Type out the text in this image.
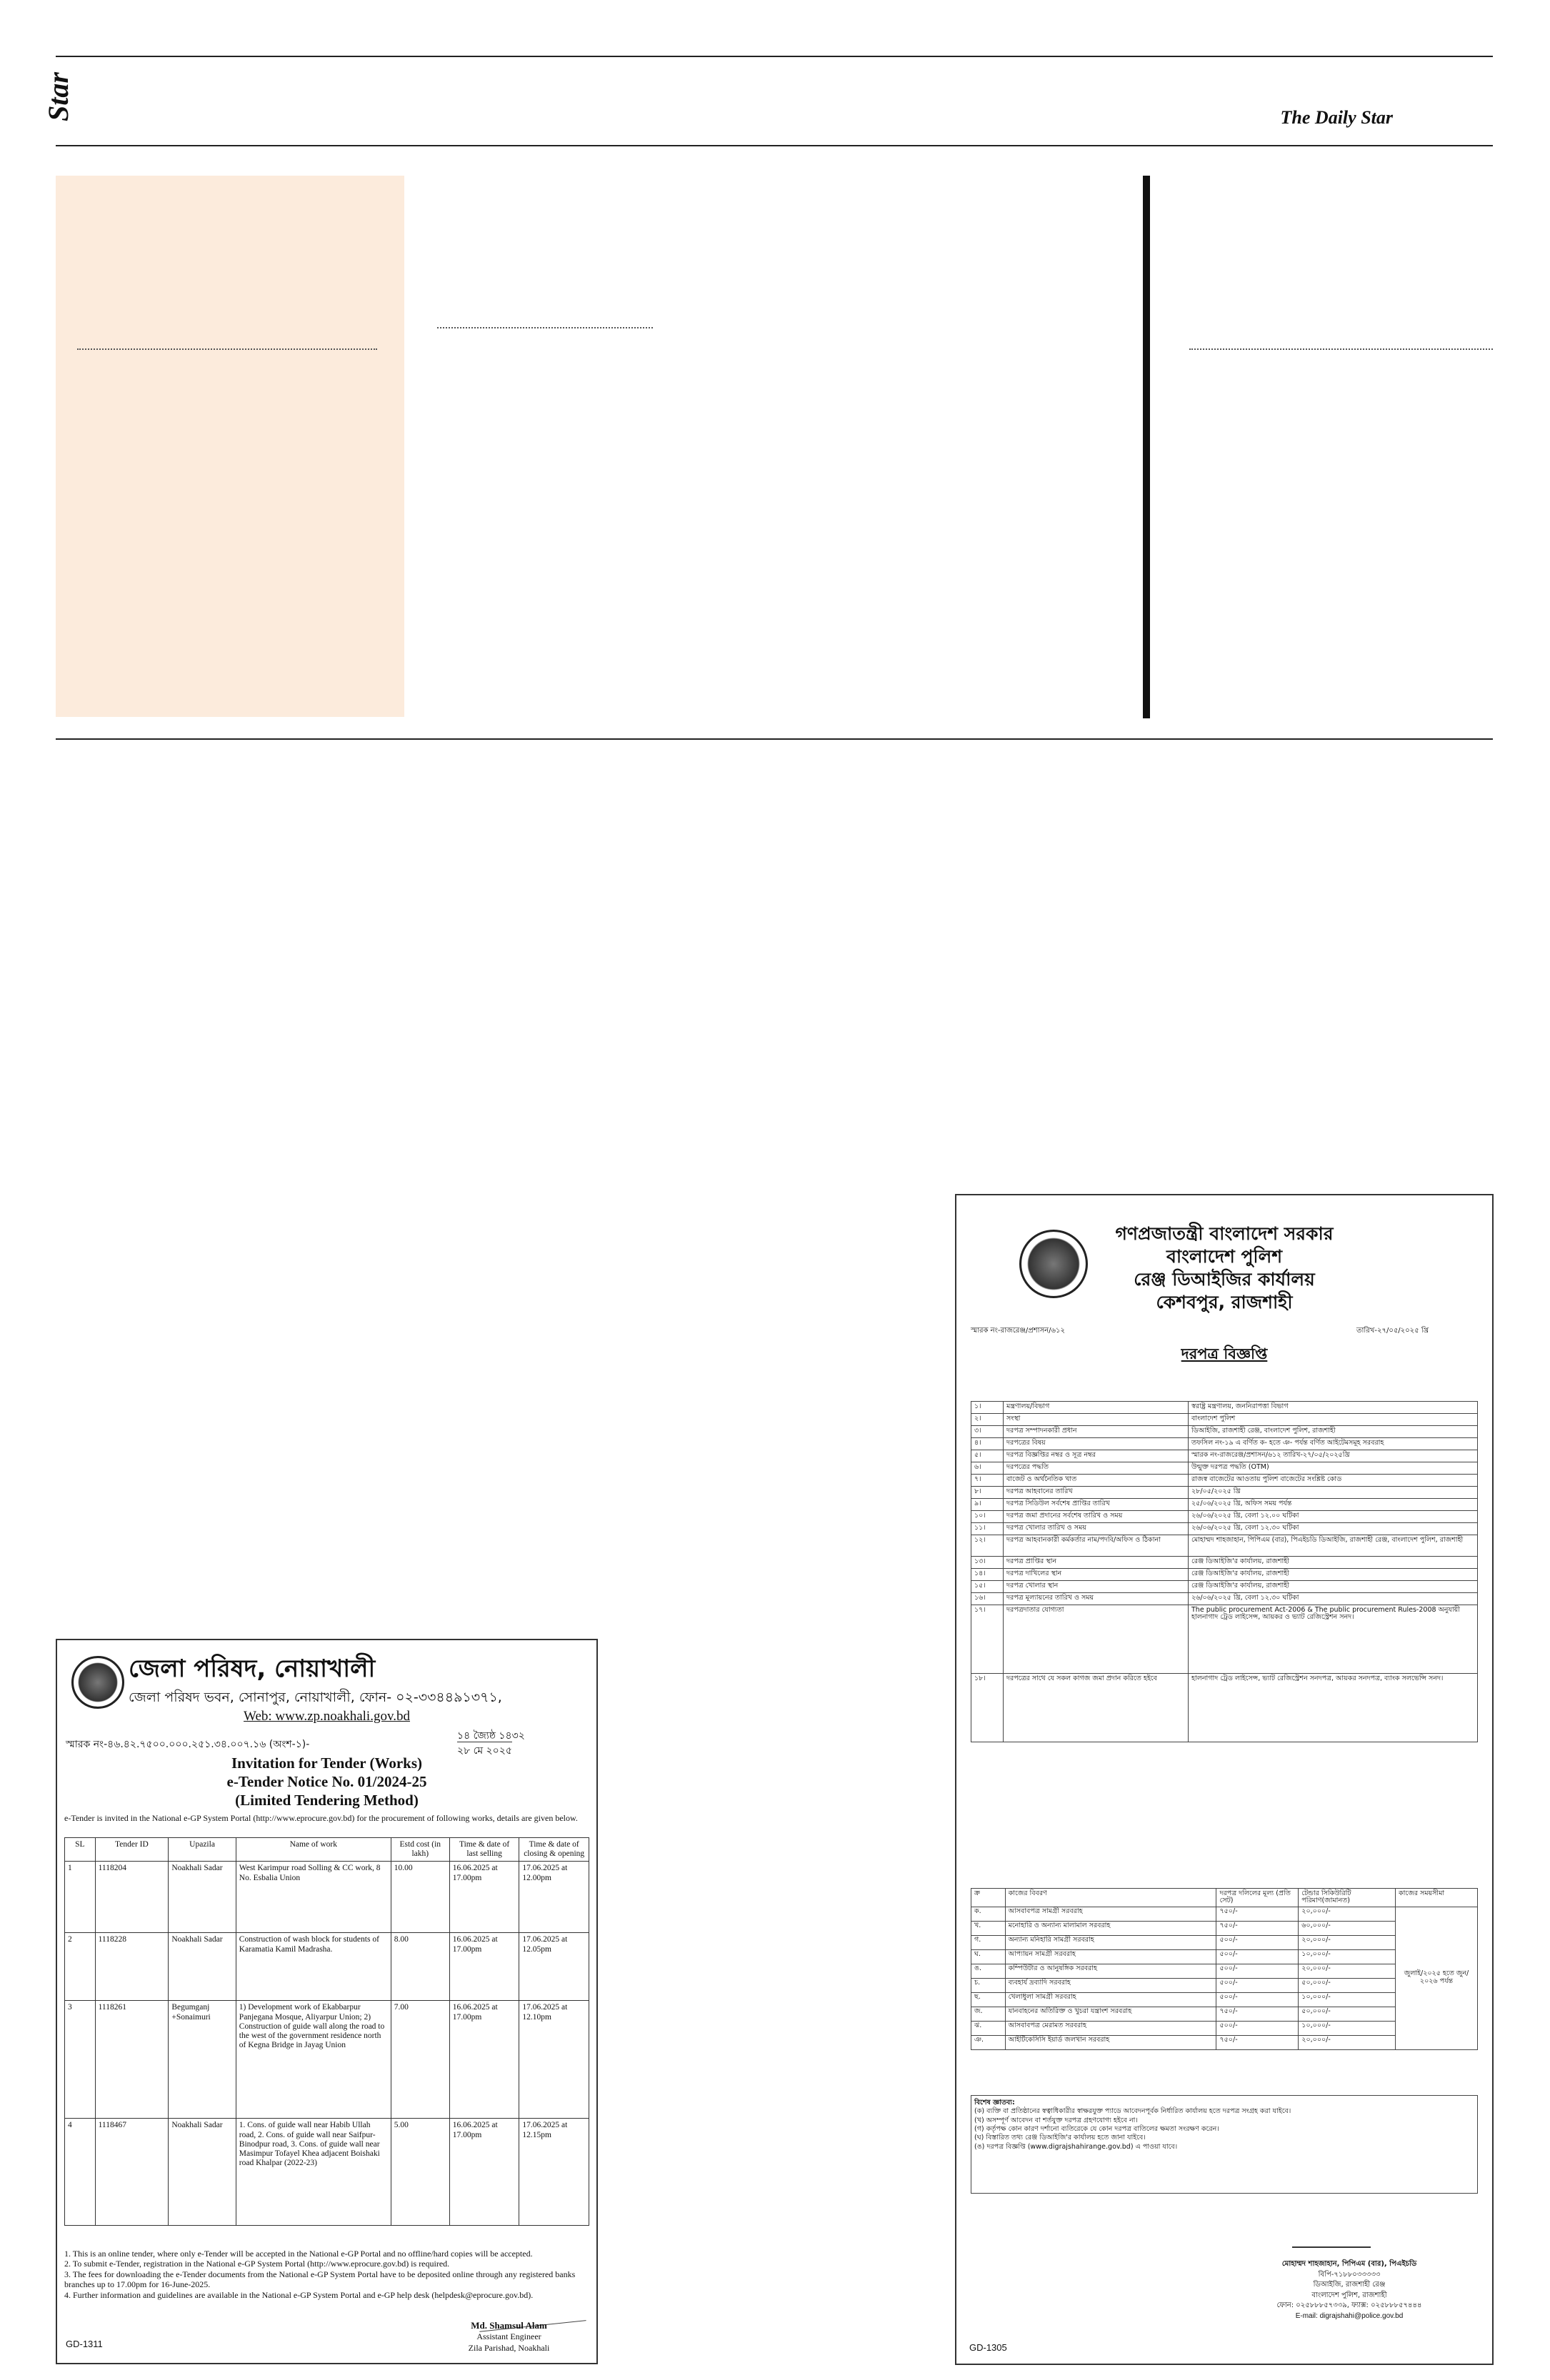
Star	The Daily Star
জেলা পরিষদ, নোয়াখালী
জেলা পরিষদ ভবন, সোনাপুর, নোয়াখালী, ফোন- ০২-৩৩৪৪৯১৩৭১,
Web: www.zp.noakhali.gov.bd
স্মারক নং-৪৬.৪২.৭৫০০.০০০.২৫১.৩৪.০০৭.১৬ (অংশ-১)-
১৪ জ্যৈষ্ঠ ১৪৩২
২৮ মে ২০২৫
Invitation for Tender (Works)
e-Tender Notice No. 01/2024-25
(Limited Tendering Method)
e-Tender is invited in the National e-GP System Portal (http://www.eprocure.gov.bd) for the procurement of following works, details are given below.
SL	Tender ID	Upazila	Name of work	Estd cost (in lakh)	Time & date of last selling	Time & date of closing & opening
1	1118204	Noakhali Sadar	West Karimpur road Solling & CC work, 8 No. Esbalia Union	10.00	16.06.2025 at 17.00pm	17.06.2025 at 12.00pm
2	1118228	Noakhali Sadar	Construction of wash block for students of Karamatia Kamil Madrasha.	8.00	16.06.2025 at 17.00pm	17.06.2025 at 12.05pm
3	1118261	Begumganj +Sonaimuri	1) Development work of Ekabbarpur Panjegana Mosque, Aliyarpur Union; 2) Construction of guide wall along the road to the west of the government residence north of Kegna Bridge in Jayag Union	7.00	16.06.2025 at 17.00pm	17.06.2025 at 12.10pm
4	1118467	Noakhali Sadar	1. Cons. of guide wall near Habib Ullah road, 2. Cons. of guide wall near Saifpur-Binodpur road, 3. Cons. of guide wall near Masimpur Tofayel Khea adjacent Boishaki road Khalpar (2022-23)	5.00	16.06.2025 at 17.00pm	17.06.2025 at 12.15pm
1. This is an online tender, where only e-Tender will be accepted in the National e-GP Portal and no offline/hard copies will be accepted.
2. To submit e-Tender, registration in the National e-GP System Portal (http://www.eprocure.gov.bd) is required.
3. The fees for downloading the e-Tender documents from the National e-GP System Portal have to be deposited online through any registered banks branches up to 17.00pm for 16-June-2025.
4. Further information and guidelines are available in the National e-GP System Portal and e-GP help desk (helpdesk@eprocure.gov.bd).
Md. Shamsul Alam
Assistant Engineer
Zila Parishad, Noakhali
GD-1311
গণপ্রজাতন্ত্রী বাংলাদেশ সরকার
বাংলাদেশ পুলিশ
রেঞ্জ ডিআইজির কার্যালয়
কেশবপুর, রাজশাহী
স্মারক নং-রাজরেঞ্জ/প্রশাসন/৬১২	তারিখ-২৭/০৫/২০২৫ খ্রি
দরপত্র বিজ্ঞপ্তি
১।	মন্ত্রণালয়/বিভাগ	স্বরাষ্ট্র মন্ত্রণালয়, জননিরাপত্তা বিভাগ
২।	সংস্থা	বাংলাদেশ পুলিশ
৩।	দরপত্র সম্পাদনকারী প্রধান	ডিআইজি, রাজশাহী রেঞ্জ, বাংলাদেশ পুলিশ, রাজশাহী
৪।	দরপত্রের বিষয়	তফসিল নং-১৯ এ বর্ণিত ক- হতে ঞ- পর্যন্ত বর্ণিত আইটেমসমূহ সরবরাহ
৫।	দরপত্র বিজ্ঞপ্তির নম্বর ও সূত্র নম্বর	স্মারক নং-রাজরেঞ্জ/প্রশাসন/৬১২ তারিখ-২৭/০৫/২০২৫খ্রি
৬।	দরপত্রের পদ্ধতি	উন্মুক্ত দরপত্র পদ্ধতি (OTM)
৭।	বাজেট ও অর্থনৈতিক খাত	রাজস্ব বাজেটের আওতায় পুলিশ বাজেটের সংশ্লিষ্ট কোড
৮।	দরপত্র আহবানের তারিখ	২৮/০৫/২০২৫ খ্রি
৯।	দরপত্র সিডিউল সর্বশেষ প্রাপ্তির তারিখ	২৫/০৬/২০২৫ খ্রি, অফিস সময় পর্যন্ত
১০।	দরপত্র জমা প্রদানের সর্বশেষ তারিখ ও সময়	২৬/০৬/২০২৫ খ্রি, বেলা ১২.০০ ঘটিকা
১১।	দরপত্র খোলার তারিখ ও সময়	২৬/০৬/২০২৫ খ্রি, বেলা ১২.৩০ ঘটিকা
১২।	দরপত্র আহবানকারী কর্মকর্তার নাম/পদবি/অফিস ও ঠিকানা	মোহাম্মদ শাহজাহান, পিপিএম (বার), পিএইচডি ডিআইজি, রাজশাহী রেঞ্জ, বাংলাদেশ পুলিশ, রাজশাহী
১৩।	দরপত্র প্রাপ্তির স্থান	রেঞ্জ ডিআইজি'র কার্যালয়, রাজশাহী
১৪।	দরপত্র দাখিলের স্থান	রেঞ্জ ডিআইজি'র কার্যালয়, রাজশাহী
১৫।	দরপত্র খোলার স্থান	রেঞ্জ ডিআইজি'র কার্যালয়, রাজশাহী
১৬।	দরপত্র মূল্যায়নের তারিখ ও সময়	২৬/০৬/২০২৫ খ্রি, বেলা ১২.৩০ ঘটিকা
১৭।	দরপত্রদাতার যোগ্যতা	The public procurement Act-2006 & The public procurement Rules-2008 অনুযায়ী হালনাগাদ ট্রেড লাইসেন্স, আয়কর ও ভ্যাট রেজিস্ট্রেশন সনদ।
১৮।	দরপত্রের সাথে যে সকল কাগজ জমা প্রদান করিতে হইবে	হালনাগাদ ট্রেড লাইসেন্স, ভ্যাট রেজিস্ট্রেশন সনদপত্র, আয়কর সনদপত্র, ব্যাংক সলভেন্সি সনদ।
ক্র	কাজের বিবরণ	দরপত্র দলিলের মূল্য (প্রতি সেট)	টেন্ডার সিকিউরিটি পরিমাণ(জামানত)	কাজের সময়সীমা
ক.	আসবাবপত্র সামগ্রী সরবরাহ	৭৫০/-	২০,০০০/-	জুলাই/২০২৫ হতে জুন/২০২৬ পর্যন্ত
খ.	মনোহারি ও অন্যান্য মালামাল সরবরাহ	৭৫০/-	৬০,০০০/-	
গ.	অন্যান্য মনিহারি সামগ্রী সরবরাহ	৫০০/-	২০,০০০/-	
ঘ.	আপ্যায়ন সামগ্রী সরবরাহ	৫০০/-	১০,০০০/-	
ঙ.	কম্পিউটার ও আনুষঙ্গিক সরবরাহ	৫০০/-	২০,০০০/-	
চ.	ব্যবহার্য দ্রব্যাদি সরবরাহ	৫০০/-	৫০,০০০/-	
ছ.	খেলাধুলা সামগ্রী সরবরাহ	৫০০/-	১০,০০০/-	
জ.	যানবাহনের অতিরিক্ত ও খুচরা যন্ত্রাংশ সরবরাহ	৭৫০/-	৫০,০০০/-	
ঝ.	আসবাবপত্র মেরামত সরবরাহ	৫০০/-	১০,০০০/-	
ঞ.	আইটিকেসিসি ইয়ার্ড জলখান সরবরাহ	৭৫০/-	২০,০০০/-	
বিশেষ জ্ঞাতব্য:
(ক) ব্যক্তি বা প্রতিষ্ঠানের স্বত্বাধিকারীর স্বাক্ষরযুক্ত প্যাডে আবেদনপূর্বক নির্ধারিত কার্যালয় হতে দরপত্র সংগ্রহ করা যাইবে।
(খ) অসম্পূর্ণ আবেদন বা শর্তযুক্ত দরপত্র গ্রহণযোগ্য হইবে না।
(গ) কর্তৃপক্ষ কোন কারণ দর্শানো ব্যতিরেকে যে কোন দরপত্র বাতিলের ক্ষমতা সংরক্ষণ করেন।
(ঘ) বিস্তারিত তথ্য রেঞ্জ ডিআইজি'র কার্যালয় হতে জানা যাইবে।
(ঙ) দরপত্র বিজ্ঞপ্তি (www.digrajshahirange.gov.bd) এ পাওয়া যাবে।
মোহাম্মদ শাহজাহান, পিপিএম (বার), পিএইচডি
বিপি-৭১৮৮০৩৩৩৩৩
ডিআইজি, রাজশাহী রেঞ্জ
বাংলাদেশ পুলিশ, রাজশাহী
ফোন: ০২৫৮৮৮৫৭৩৩৯, ফ্যাক্স: ০২৫৮৮৮৫৭৪৪৪
E-mail: digrajshahi@police.gov.bd
GD-1305
